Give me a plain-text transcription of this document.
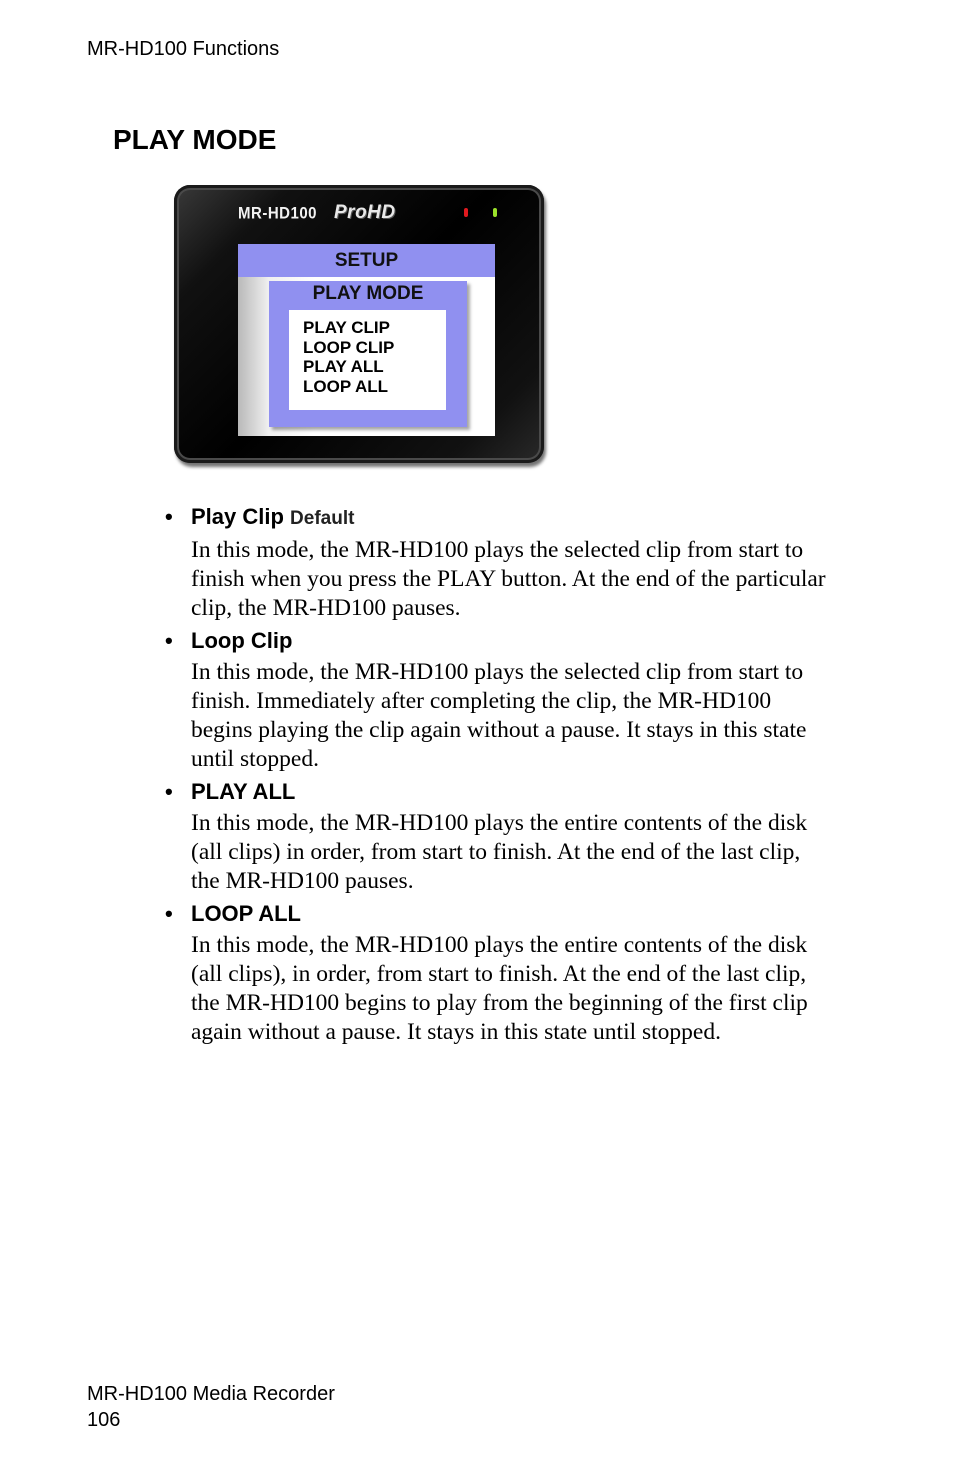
MR-HD100 Functions
PLAY MODE
MR-HD100 ProHD
SETUP
PLAY MODE
PLAY CLIP
LOOP CLIP
PLAY ALL
LOOP ALL
• Play Clip Default

In this mode, the MR-HD100 plays the selected clip from start to finish when you press the PLAY button. At the end of the particular clip, the MR-HD100 pauses.

• Loop Clip

In this mode, the MR-HD100 plays the selected clip from start to finish. Immediately after completing the clip, the MR-HD100 begins playing the clip again without a pause. It stays in this state until stopped.

• PLAY ALL

In this mode, the MR-HD100 plays the entire contents of the disk (all clips) in order, from start to finish. At the end of the last clip, the MR-HD100 pauses.

• LOOP ALL

In this mode, the MR-HD100 plays the entire contents of the disk (all clips), in order, from start to finish. At the end of the last clip, the MR-HD100 begins to play from the beginning of the first clip again without a pause. It stays in this state until stopped.

MR-HD100 Media Recorder
106
